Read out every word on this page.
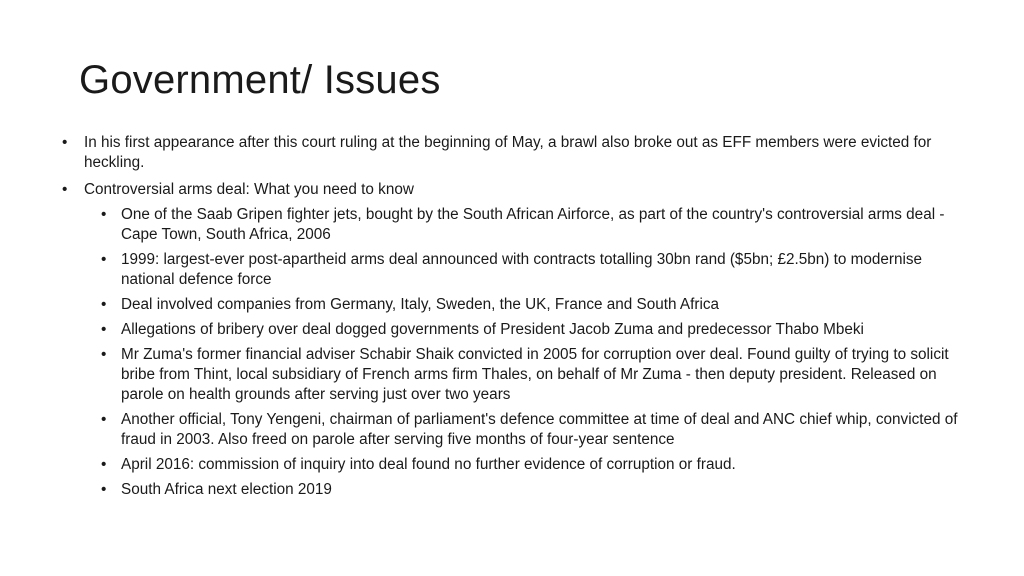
Government/ Issues
• In his first appearance after this court ruling at the beginning of May, a brawl also broke out as EFF members were evicted for heckling.
• Controversial arms deal: What you need to know
• One of the Saab Gripen fighter jets, bought by the South African Airforce, as part of the country's controversial arms deal - Cape Town, South Africa, 2006
• 1999: largest-ever post-apartheid arms deal announced with contracts totalling 30bn rand ($5bn; £2.5bn) to modernise national defence force
• Deal involved companies from Germany, Italy, Sweden, the UK, France and South Africa
• Allegations of bribery over deal dogged governments of President Jacob Zuma and predecessor Thabo Mbeki
• Mr Zuma's former financial adviser Schabir Shaik convicted in 2005 for corruption over deal. Found guilty of trying to solicit bribe from Thint, local subsidiary of French arms firm Thales, on behalf of Mr Zuma - then deputy president. Released on parole on health grounds after serving just over two years
• Another official, Tony Yengeni, chairman of parliament's defence committee at time of deal and ANC chief whip, convicted of fraud in 2003. Also freed on parole after serving five months of four-year sentence
• April 2016: commission of inquiry into deal found no further evidence of corruption or fraud.
• South Africa next election 2019
